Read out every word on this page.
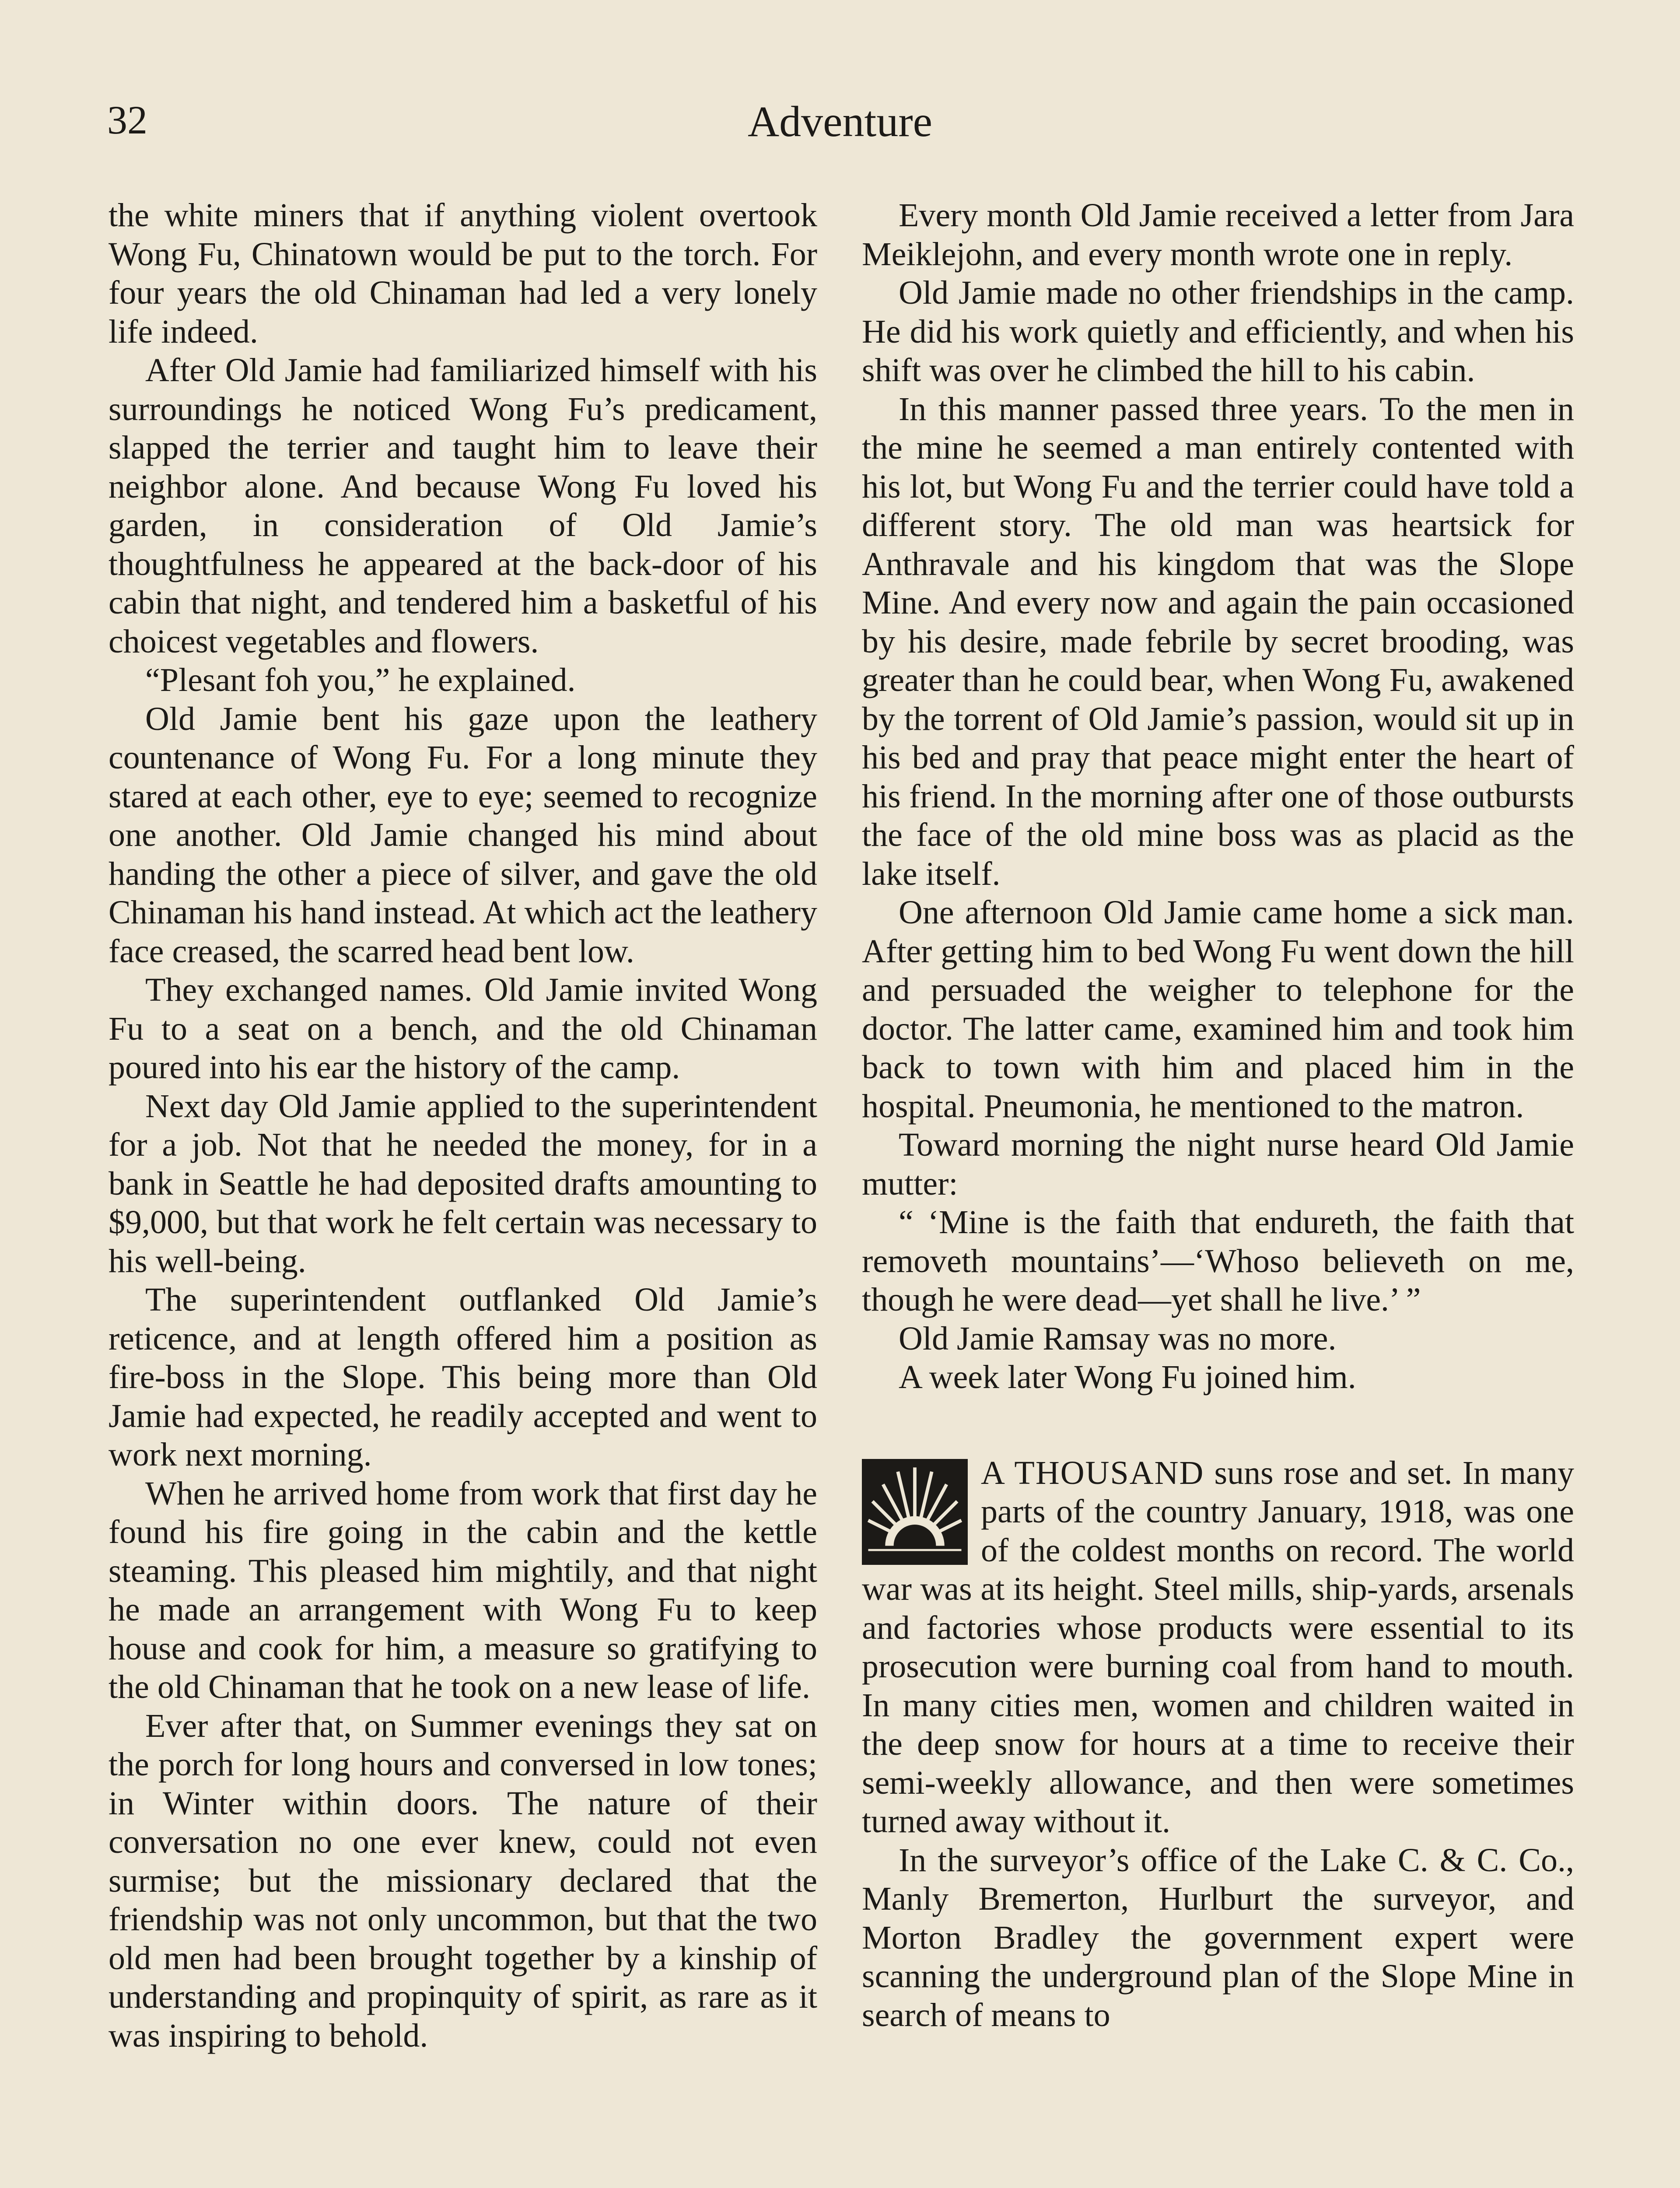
32	Adventure

the white miners that if anything violent overtook Wong Fu, Chinatown would be put to the torch. For four years the old Chinaman had led a very lonely life indeed.

After Old Jamie had familiarized himself with his surroundings he noticed Wong Fu’s predicament, slapped the terrier and taught him to leave their neighbor alone. And because Wong Fu loved his garden, in consideration of Old Jamie’s thoughtfulness he appeared at the back-door of his cabin that night, and tendered him a basketful of his choicest vegetables and flowers.

“Plesant foh you,” he explained.

Old Jamie bent his gaze upon the leathery countenance of Wong Fu. For a long minute they stared at each other, eye to eye; seemed to recognize one another. Old Jamie changed his mind about handing the other a piece of silver, and gave the old Chinaman his hand instead. At which act the leathery face creased, the scarred head bent low.

They exchanged names. Old Jamie invited Wong Fu to a seat on a bench, and the old Chinaman poured into his ear the history of the camp.

Next day Old Jamie applied to the superintendent for a job. Not that he needed the money, for in a bank in Seattle he had deposited drafts amounting to $9,000, but that work he felt certain was necessary to his well-being.

The superintendent outflanked Old Jamie’s reticence, and at length offered him a position as fire-boss in the Slope. This being more than Old Jamie had expected, he readily accepted and went to work next morning.

When he arrived home from work that first day he found his fire going in the cabin and the kettle steaming. This pleased him mightily, and that night he made an arrangement with Wong Fu to keep house and cook for him, a measure so gratifying to the old Chinaman that he took on a new lease of life.

Ever after that, on Summer evenings they sat on the porch for long hours and conversed in low tones; in Winter within doors. The nature of their conversation no one ever knew, could not even surmise; but the missionary declared that the friendship was not only uncommon, but that the two old men had been brought together by a kinship of understanding and propinquity of spirit, as rare as it was inspiring to behold.

Every month Old Jamie received a letter from Jara Meiklejohn, and every month wrote one in reply.

Old Jamie made no other friendships in the camp. He did his work quietly and efficiently, and when his shift was over he climbed the hill to his cabin.

In this manner passed three years. To the men in the mine he seemed a man entirely contented with his lot, but Wong Fu and the terrier could have told a different story. The old man was heartsick for Anthravale and his kingdom that was the Slope Mine. And every now and again the pain occasioned by his desire, made febrile by secret brooding, was greater than he could bear, when Wong Fu, awakened by the torrent of Old Jamie’s passion, would sit up in his bed and pray that peace might enter the heart of his friend. In the morning after one of those outbursts the face of the old mine boss was as placid as the lake itself.

One afternoon Old Jamie came home a sick man. After getting him to bed Wong Fu went down the hill and persuaded the weigher to telephone for the doctor. The latter came, examined him and took him back to town with him and placed him in the hospital. Pneumonia, he mentioned to the matron.

Toward morning the night nurse heard Old Jamie mutter:

“ ‘Mine is the faith that endureth, the faith that removeth mountains’—‘Whoso believeth on me, though he were dead—yet shall he live.’ ”

Old Jamie Ramsay was no more.

A week later Wong Fu joined him.

A THOUSAND suns rose and set. In many parts of the country January, 1918, was one of the coldest months on record. The world war was at its height. Steel mills, ship-yards, arsenals and factories whose products were essential to its prosecution were burning coal from hand to mouth. In many cities men, women and children waited in the deep snow for hours at a time to receive their semi-weekly allowance, and then were sometimes turned away without it.

In the surveyor’s office of the Lake C. & C. Co., Manly Bremerton, Hurlburt the surveyor, and Morton Bradley the government expert were scanning the underground plan of the Slope Mine in search of means to
